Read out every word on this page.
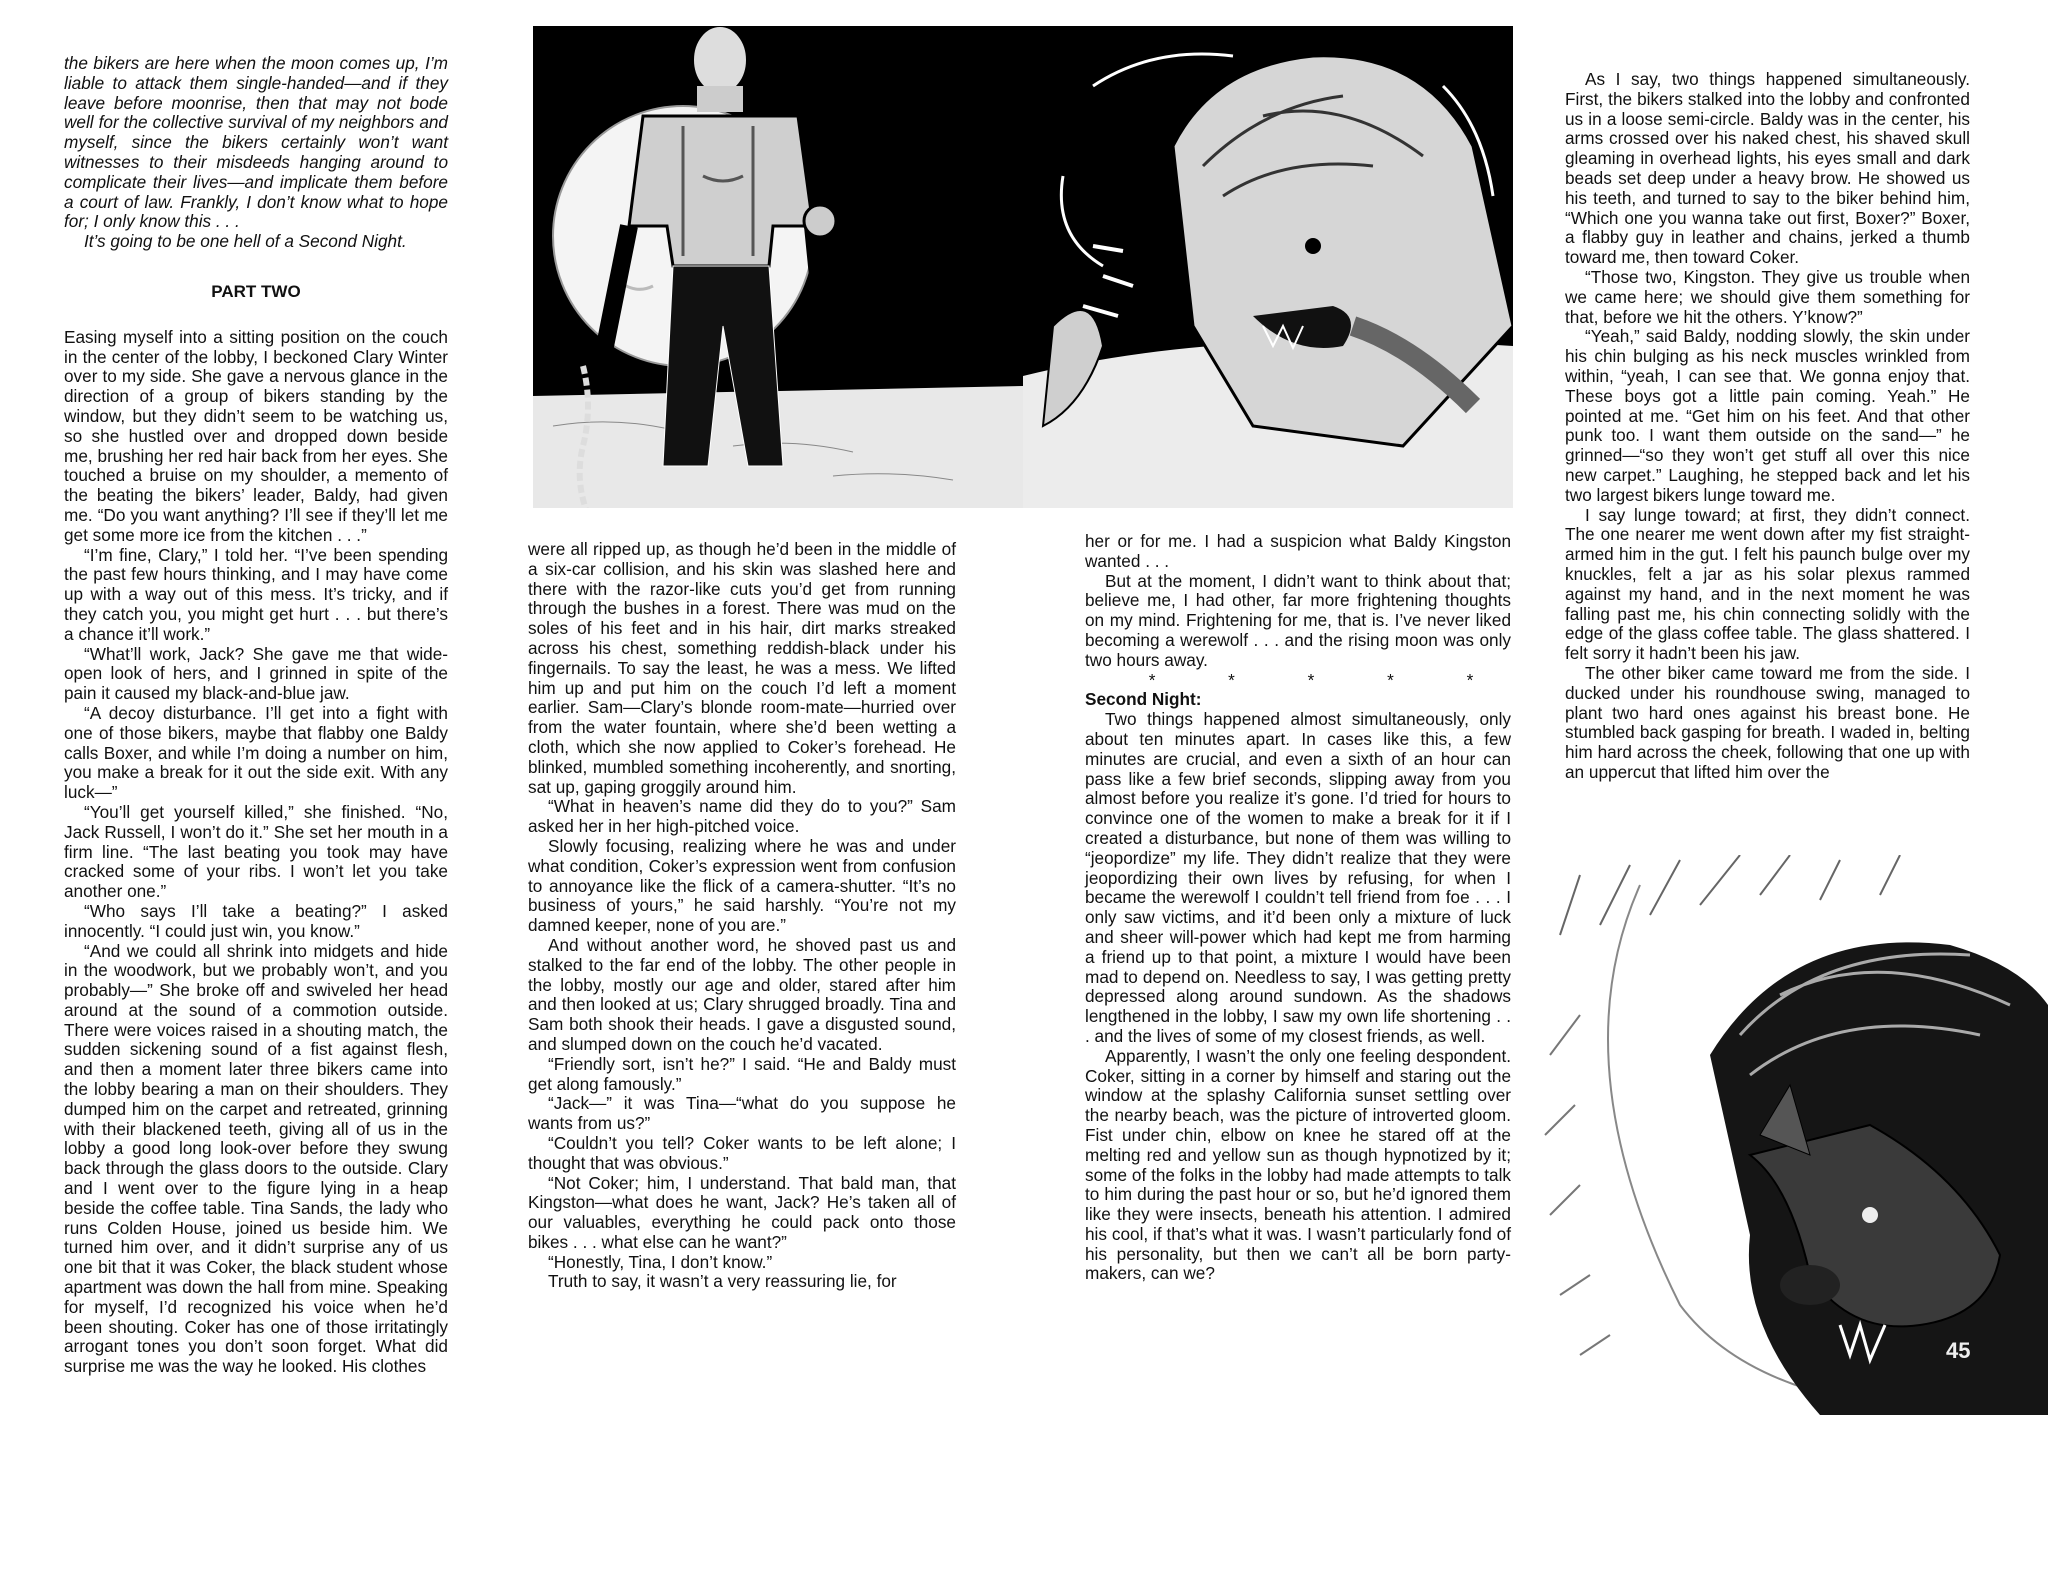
the bikers are here when the moon comes up, I’m liable to attack them single-handed—and if they leave before moonrise, then that may not bode well for the collective survival of my neighbors and myself, since the bikers certainly won’t want witnesses to their misdeeds hanging around to complicate their lives—and implicate them before a court of law. Frankly, I don’t know what to hope for; I only know this . . .

It’s going to be one hell of a Second Night.

PART TWO

Easing myself into a sitting position on the couch in the center of the lobby, I beckoned Clary Winter over to my side. She gave a nervous glance in the direction of a group of bikers standing by the window, but they didn’t seem to be watching us, so she hustled over and dropped down beside me, brushing her red hair back from her eyes. She touched a bruise on my shoulder, a memento of the beating the bikers’ leader, Baldy, had given me. “Do you want anything? I’ll see if they’ll let me get some more ice from the kitchen . . .”

“I’m fine, Clary,” I told her. “I’ve been spending the past few hours thinking, and I may have come up with a way out of this mess. It’s tricky, and if they catch you, you might get hurt . . . but there’s a chance it’ll work.”

“What’ll work, Jack? She gave me that wide-open look of hers, and I grinned in spite of the pain it caused my black-and-blue jaw.

“A decoy disturbance. I’ll get into a fight with one of those bikers, maybe that flabby one Baldy calls Boxer, and while I’m doing a number on him, you make a break for it out the side exit. With any luck—”

“You’ll get yourself killed,” she finished. “No, Jack Russell, I won’t do it.” She set her mouth in a firm line. “The last beating you took may have cracked some of your ribs. I won’t let you take another one.”

“Who says I’ll take a beating?” I asked innocently. “I could just win, you know.”

“And we could all shrink into midgets and hide in the woodwork, but we probably won’t, and you probably—” She broke off and swiveled her head around at the sound of a commotion outside. There were voices raised in a shouting match, the sudden sickening sound of a fist against flesh, and then a moment later three bikers came into the lobby bearing a man on their shoulders. They dumped him on the carpet and retreated, grinning with their blackened teeth, giving all of us in the lobby a good long look-over before they swung back through the glass doors to the outside. Clary and I went over to the figure lying in a heap beside the coffee table. Tina Sands, the lady who runs Colden House, joined us beside him. We turned him over, and it didn’t surprise any of us one bit that it was Coker, the black student whose apartment was down the hall from mine. Speaking for myself, I’d recognized his voice when he’d been shouting. Coker has one of those irritatingly arrogant tones you don’t soon forget. What did surprise me was the way he looked. His clothes

were all ripped up, as though he’d been in the middle of a six-car collision, and his skin was slashed here and there with the razor-like cuts you’d get from running through the bushes in a forest. There was mud on the soles of his feet and in his hair, dirt marks streaked across his chest, something reddish-black under his fingernails. To say the least, he was a mess. We lifted him up and put him on the couch I’d left a moment earlier. Sam—Clary’s blonde room-mate—hurried over from the water fountain, where she’d been wetting a cloth, which she now applied to Coker’s forehead. He blinked, mumbled something incoherently, and snorting, sat up, gaping groggily around him.

“What in heaven’s name did they do to you?” Sam asked her in her high-pitched voice.

Slowly focusing, realizing where he was and under what condition, Coker’s expression went from confusion to annoyance like the flick of a camera-shutter. “It’s no business of yours,” he said harshly. “You’re not my damned keeper, none of you are.”

And without another word, he shoved past us and stalked to the far end of the lobby. The other people in the lobby, mostly our age and older, stared after him and then looked at us; Clary shrugged broadly. Tina and Sam both shook their heads. I gave a disgusted sound, and slumped down on the couch he’d vacated.

“Friendly sort, isn’t he?” I said. “He and Baldy must get along famously.”

“Jack—” it was Tina—“what do you suppose he wants from us?”

“Couldn’t you tell? Coker wants to be left alone; I thought that was obvious.”

“Not Coker; him, I understand. That bald man, that Kingston—what does he want, Jack? He’s taken all of our valuables, everything he could pack onto those bikes . . . what else can he want?”

“Honestly, Tina, I don’t know.”

Truth to say, it wasn’t a very reassuring lie, for

her or for me. I had a suspicion what Baldy Kingston wanted . . .

But at the moment, I didn’t want to think about that; believe me, I had other, far more frightening thoughts on my mind. Frightening for me, that is. I’ve never liked becoming a werewolf . . . and the rising moon was only two hours away.

* * * * *

Second Night:

Two things happened almost simultaneously, only about ten minutes apart. In cases like this, a few minutes are crucial, and even a sixth of an hour can pass like a few brief seconds, slipping away from you almost before you realize it’s gone. I’d tried for hours to convince one of the women to make a break for it if I created a disturbance, but none of them was willing to “jeopordize” my life. They didn’t realize that they were jeopordizing their own lives by refusing, for when I became the werewolf I couldn’t tell friend from foe . . . I only saw victims, and it’d been only a mixture of luck and sheer will-power which had kept me from harming a friend up to that point, a mixture I would have been mad to depend on. Needless to say, I was getting pretty depressed along around sundown. As the shadows lengthened in the lobby, I saw my own life shortening . . . and the lives of some of my closest friends, as well.

Apparently, I wasn’t the only one feeling despondent. Coker, sitting in a corner by himself and staring out the window at the splashy California sunset settling over the nearby beach, was the picture of introverted gloom. Fist under chin, elbow on knee he stared off at the melting red and yellow sun as though hypnotized by it; some of the folks in the lobby had made attempts to talk to him during the past hour or so, but he’d ignored them like they were insects, beneath his attention. I admired his cool, if that’s what it was. I wasn’t particularly fond of his personality, but then we can’t all be born party-makers, can we?

As I say, two things happened simultaneously. First, the bikers stalked into the lobby and confronted us in a loose semi-circle. Baldy was in the center, his arms crossed over his naked chest, his shaved skull gleaming in overhead lights, his eyes small and dark beads set deep under a heavy brow. He showed us his teeth, and turned to say to the biker behind him, “Which one you wanna take out first, Boxer?” Boxer, a flabby guy in leather and chains, jerked a thumb toward me, then toward Coker.

“Those two, Kingston. They give us trouble when we came here; we should give them something for that, before we hit the others. Y’know?”

“Yeah,” said Baldy, nodding slowly, the skin under his chin bulging as his neck muscles wrinkled from within, “yeah, I can see that. We gonna enjoy that. These boys got a little pain coming. Yeah.” He pointed at me. “Get him on his feet. And that other punk too. I want them outside on the sand—” he grinned—“so they won’t get stuff all over this nice new carpet.” Laughing, he stepped back and let his two largest bikers lunge toward me.

I say lunge toward; at first, they didn’t connect. The one nearer me went down after my fist straight-armed him in the gut. I felt his paunch bulge over my knuckles, felt a jar as his solar plexus rammed against my hand, and in the next moment he was falling past me, his chin connecting solidly with the edge of the glass coffee table. The glass shattered. I felt sorry it hadn’t been his jaw.

The other biker came toward me from the side. I ducked under his roundhouse swing, managed to plant two hard ones against his breast bone. He stumbled back gasping for breath. I waded in, belting him hard across the cheek, following that one up with an uppercut that lifted him over the

45
